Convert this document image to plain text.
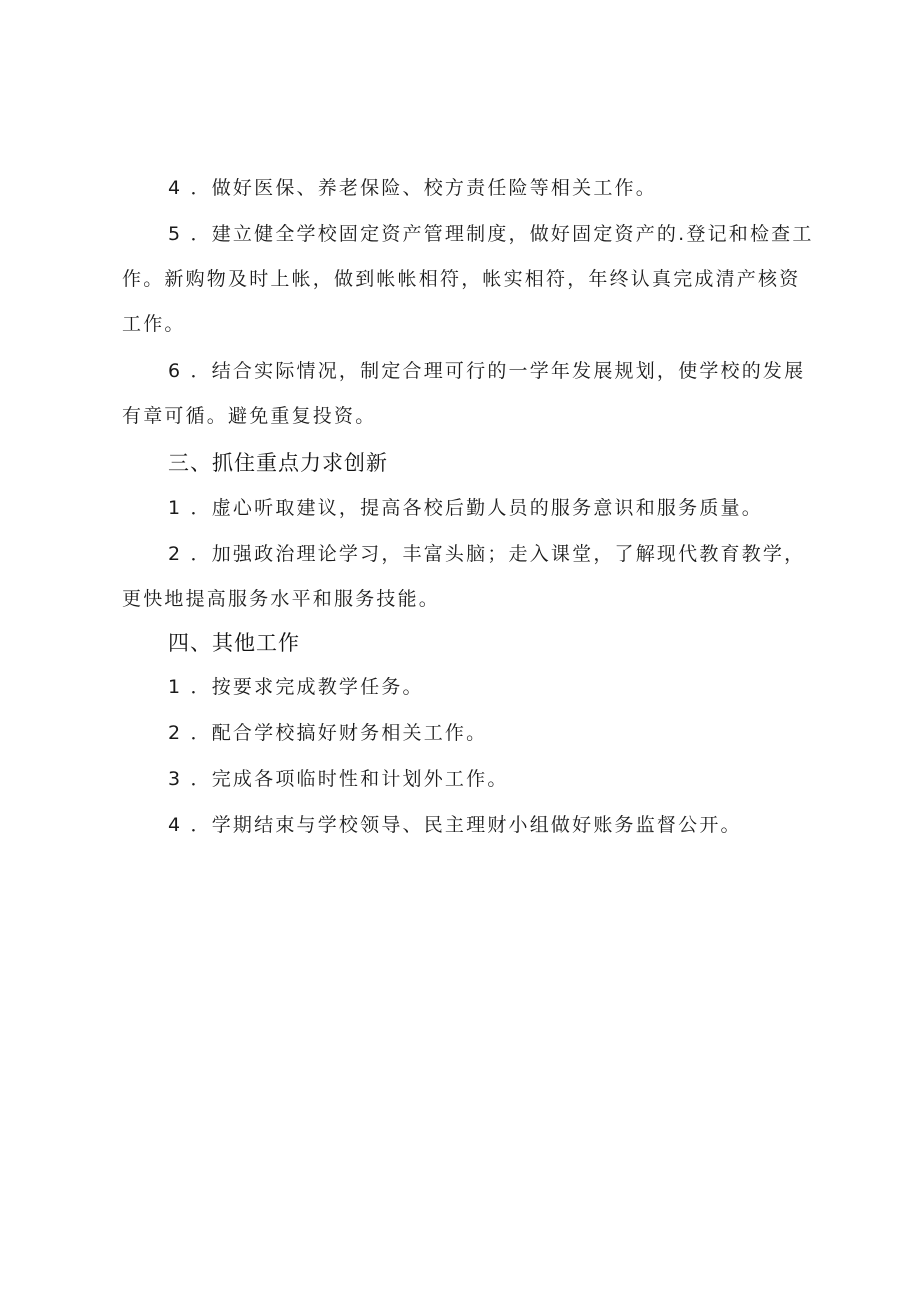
4 ．做好医保、养老保险、校方责任险等相关工作。

5 ．建立健全学校固定资产管理制度，做好固定资产的.登记和检查工
作。新购物及时上帐，做到帐帐相符，帐实相符，年终认真完成清产核资
工作。

6 ．结合实际情况，制定合理可行的一学年发展规划，使学校的发展
有章可循。避免重复投资。

三、抓住重点力求创新

1 ．虚心听取建议，提高各校后勤人员的服务意识和服务质量。

2 ．加强政治理论学习，丰富头脑；走入课堂，了解现代教育教学，
更快地提高服务水平和服务技能。

四、其他工作

1 ．按要求完成教学任务。

2 ．配合学校搞好财务相关工作。

3 ．完成各项临时性和计划外工作。

4 ．学期结束与学校领导、民主理财小组做好账务监督公开。
